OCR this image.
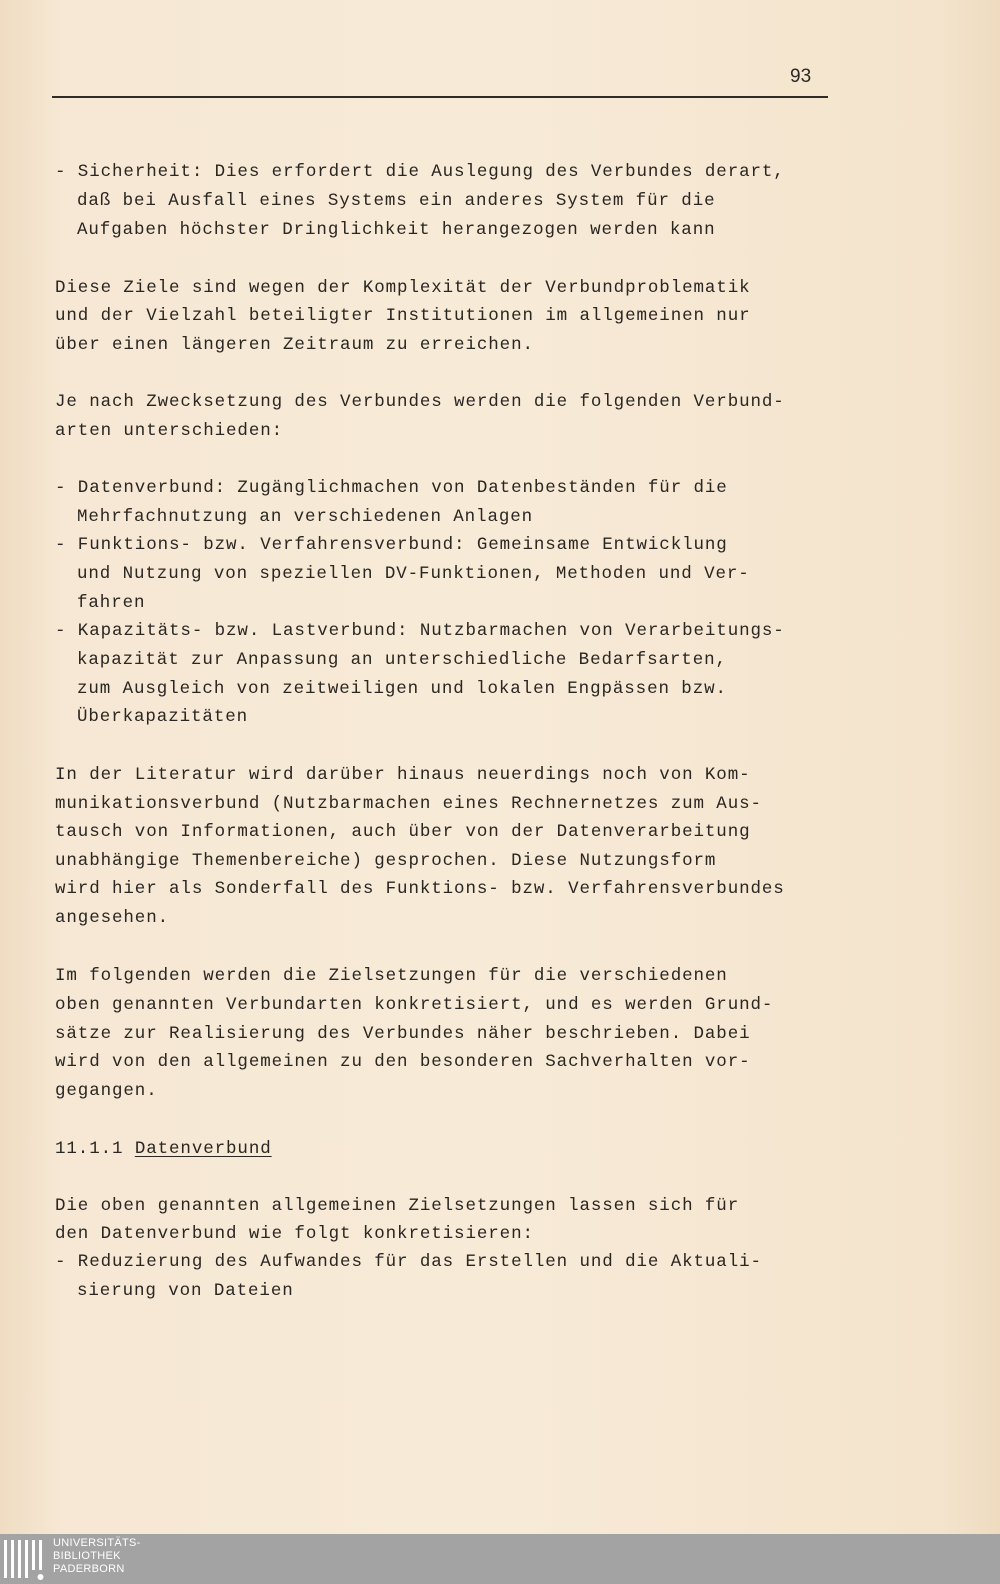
93
- Sicherheit: Dies erfordert die Auslegung des Verbundes derart,
daß bei Ausfall eines Systems ein anderes System für die
Aufgaben höchster Dringlichkeit herangezogen werden kann
Diese Ziele sind wegen der Komplexität der Verbundproblematik
und der Vielzahl beteiligter Institutionen im allgemeinen nur
über einen längeren Zeitraum zu erreichen.
Je nach Zwecksetzung des Verbundes werden die folgenden Verbund-
arten unterschieden:
- Datenverbund: Zugänglichmachen von Datenbeständen für die
Mehrfachnutzung an verschiedenen Anlagen
- Funktions- bzw. Verfahrensverbund: Gemeinsame Entwicklung
und Nutzung von speziellen DV-Funktionen, Methoden und Ver-
fahren
- Kapazitäts- bzw. Lastverbund: Nutzbarmachen von Verarbeitungs-
kapazität zur Anpassung an unterschiedliche Bedarfsarten,
zum Ausgleich von zeitweiligen und lokalen Engpässen bzw.
Überkapazitäten
In der Literatur wird darüber hinaus neuerdings noch von Kom-
munikationsverbund (Nutzbarmachen eines Rechnernetzes zum Aus-
tausch von Informationen, auch über von der Datenverarbeitung
unabhängige Themenbereiche) gesprochen. Diese Nutzungsform
wird hier als Sonderfall des Funktions- bzw. Verfahrensverbundes
angesehen.
Im folgenden werden die Zielsetzungen für die verschiedenen
oben genannten Verbundarten konkretisiert, und es werden Grund-
sätze zur Realisierung des Verbundes näher beschrieben. Dabei
wird von den allgemeinen zu den besonderen Sachverhalten vor-
gegangen.
11.1.1 Datenverbund
Die oben genannten allgemeinen Zielsetzungen lassen sich für
den Datenverbund wie folgt konkretisieren:
- Reduzierung des Aufwandes für das Erstellen und die Aktuali-
sierung von Dateien
UNIVERSITÄTS-
BIBLIOTHEK
PADERBORN
